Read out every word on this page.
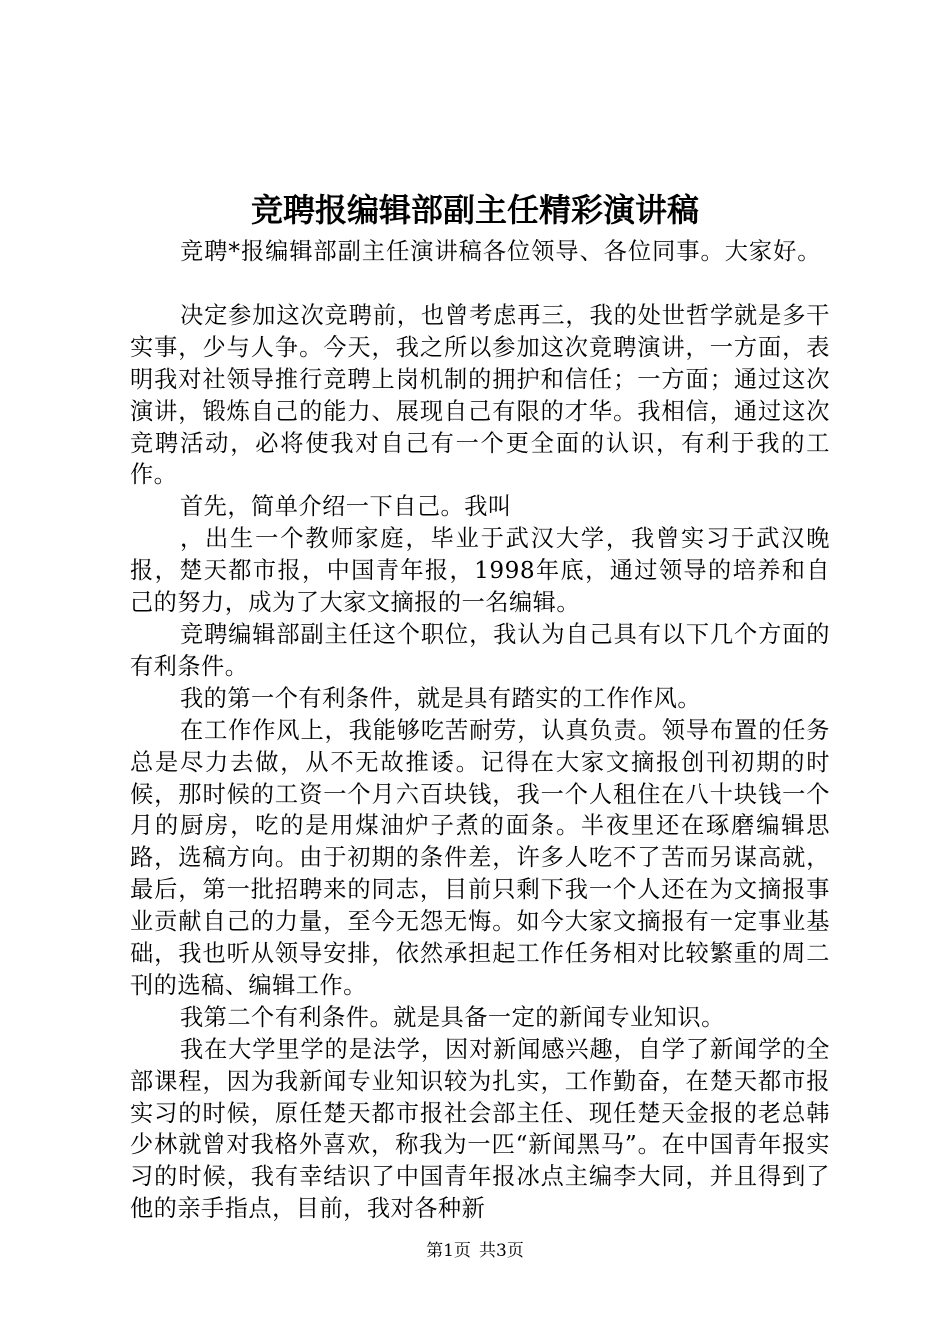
竞聘报编辑部副主任精彩演讲稿

竞聘*报编辑部副主任演讲稿各位领导、各位同事。大家好。

决定参加这次竞聘前，也曾考虑再三，我的处世哲学就是多干实事，少与人争。今天，我之所以参加这次竟聘演讲，一方面，表明我对社领导推行竞聘上岗机制的拥护和信任；一方面；通过这次演讲，锻炼自己的能力、展现自己有限的才华。我相信，通过这次竞聘活动，必将使我对自己有一个更全面的认识，有利于我的工作。

首先，简单介绍一下自己。我叫

，出生一个教师家庭，毕业于武汉大学，我曾实习于武汉晚报，楚天都市报，中国青年报，1998年底，通过领导的培养和自己的努力，成为了大家文摘报的一名编辑。

竞聘编辑部副主任这个职位，我认为自己具有以下几个方面的有利条件。

我的第一个有利条件，就是具有踏实的工作作风。

在工作作风上，我能够吃苦耐劳，认真负责。领导布置的任务总是尽力去做，从不无故推诿。记得在大家文摘报创刊初期的时候，那时候的工资一个月六百块钱，我一个人租住在八十块钱一个月的厨房，吃的是用煤油炉子煮的面条。半夜里还在琢磨编辑思路，选稿方向。由于初期的条件差，许多人吃不了苦而另谋高就，最后，第一批招聘来的同志，目前只剩下我一个人还在为文摘报事业贡献自己的力量，至今无怨无悔。如今大家文摘报有一定事业基础，我也听从领导安排，依然承担起工作任务相对比较繁重的周二刊的选稿、编辑工作。

我第二个有利条件。就是具备一定的新闻专业知识。

我在大学里学的是法学，因对新闻感兴趣，自学了新闻学的全部课程，因为我新闻专业知识较为扎实，工作勤奋，在楚天都市报实习的时候，原任楚天都市报社会部主任、现任楚天金报的老总韩少林就曾对我格外喜欢，称我为一匹“新闻黑马”。在中国青年报实习的时候，我有幸结识了中国青年报冰点主编李大同，并且得到了他的亲手指点，目前，我对各种新

第1页 共3页
